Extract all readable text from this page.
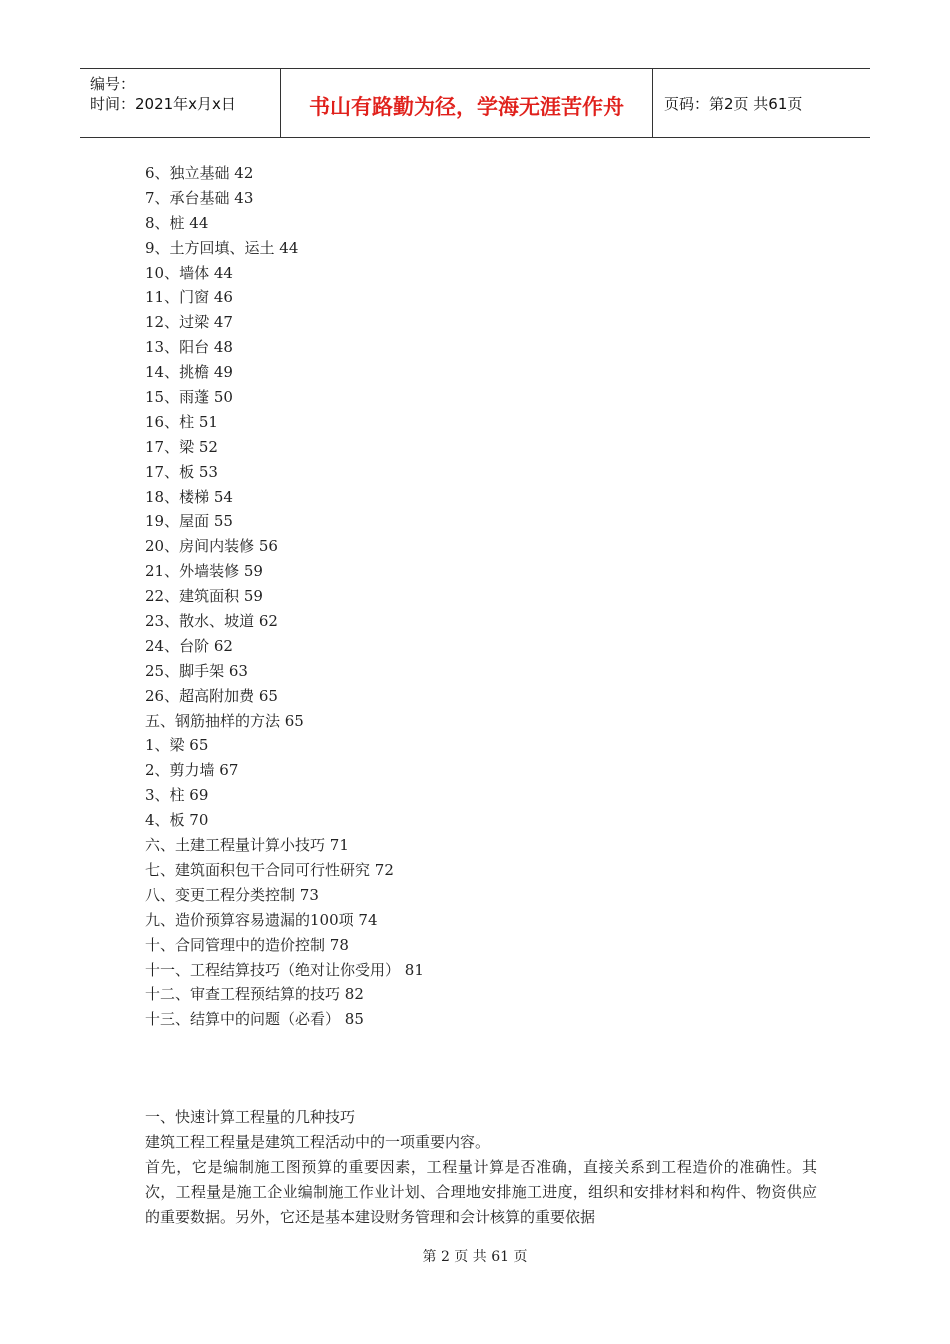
编号：
时间：2021年x月x日	书山有路勤为径，学海无涯苦作舟	页码：第2页 共61页
6、独立基础 42
7、承台基础 43
8、桩 44
9、土方回填、运土 44
10、墙体 44
11、门窗 46
12、过梁 47
13、阳台 48
14、挑檐 49
15、雨蓬 50
16、柱 51
17、梁 52
17、板 53
18、楼梯 54
19、屋面 55
20、房间内装修 56
21、外墙装修 59
22、建筑面积 59
23、散水、坡道 62
24、台阶 62
25、脚手架 63
26、超高附加费 65
五、钢筋抽样的方法 65
1、梁 65
2、剪力墙 67
3、柱 69
4、板 70
六、土建工程量计算小技巧 71
七、建筑面积包干合同可行性研究 72
八、变更工程分类控制 73
九、造价预算容易遗漏的100项 74
十、合同管理中的造价控制 78
十一、工程结算技巧（绝对让你受用） 81
十二、审查工程预结算的技巧 82
十三、结算中的问题（必看） 85

一、快速计算工程量的几种技巧

建筑工程工程量是建筑工程活动中的一项重要内容。

首先，它是编制施工图预算的重要因素，工程量计算是否准确，直接关系到工程造价的准确性。其次，工程量是施工企业编制施工作业计划、合理地安排施工进度，组织和安排材料和构件、物资供应的重要数据。另外，它还是基本建设财务管理和会计核算的重要依据

第 2 页 共 61 页
